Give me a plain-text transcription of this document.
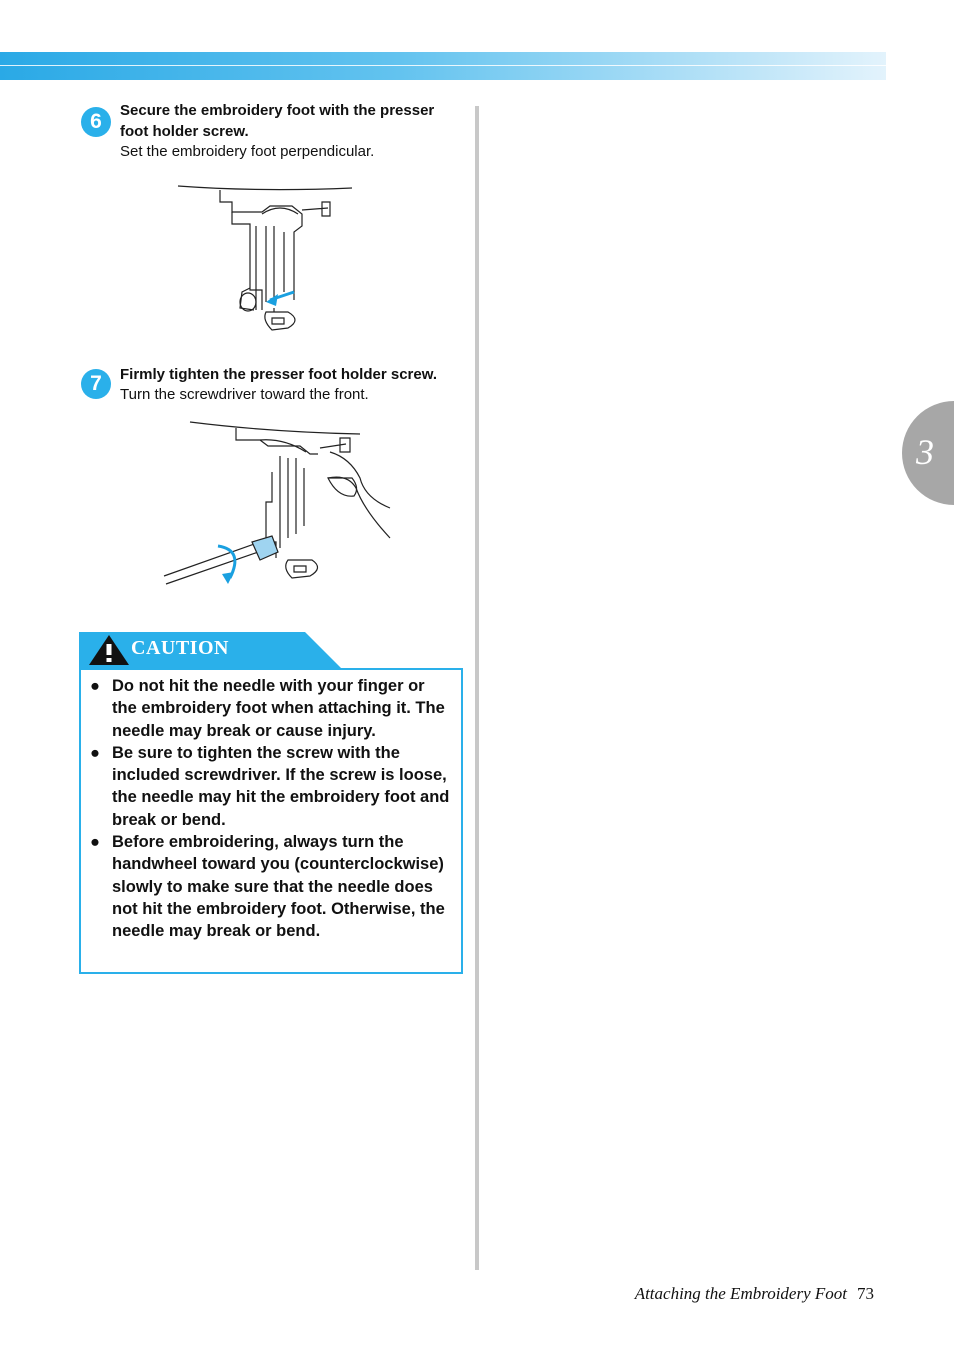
3
6	Secure the embroidery foot with the presser foot holder screw.
Set the embroidery foot perpendicular.
7	Firmly tighten the presser foot holder screw.
Turn the screwdriver toward the front.
CAUTION
● Do not hit the needle with your finger or the embroidery foot when attaching it. The needle may break or cause injury.
● Be sure to tighten the screw with the included screwdriver. If the screw is loose, the needle may hit the embroidery foot and break or bend.
● Before embroidering, always turn the handwheel toward you (counterclockwise) slowly to make sure that the needle does not hit the embroidery foot. Otherwise, the needle may break or bend.
Attaching the Embroidery Foot 73
